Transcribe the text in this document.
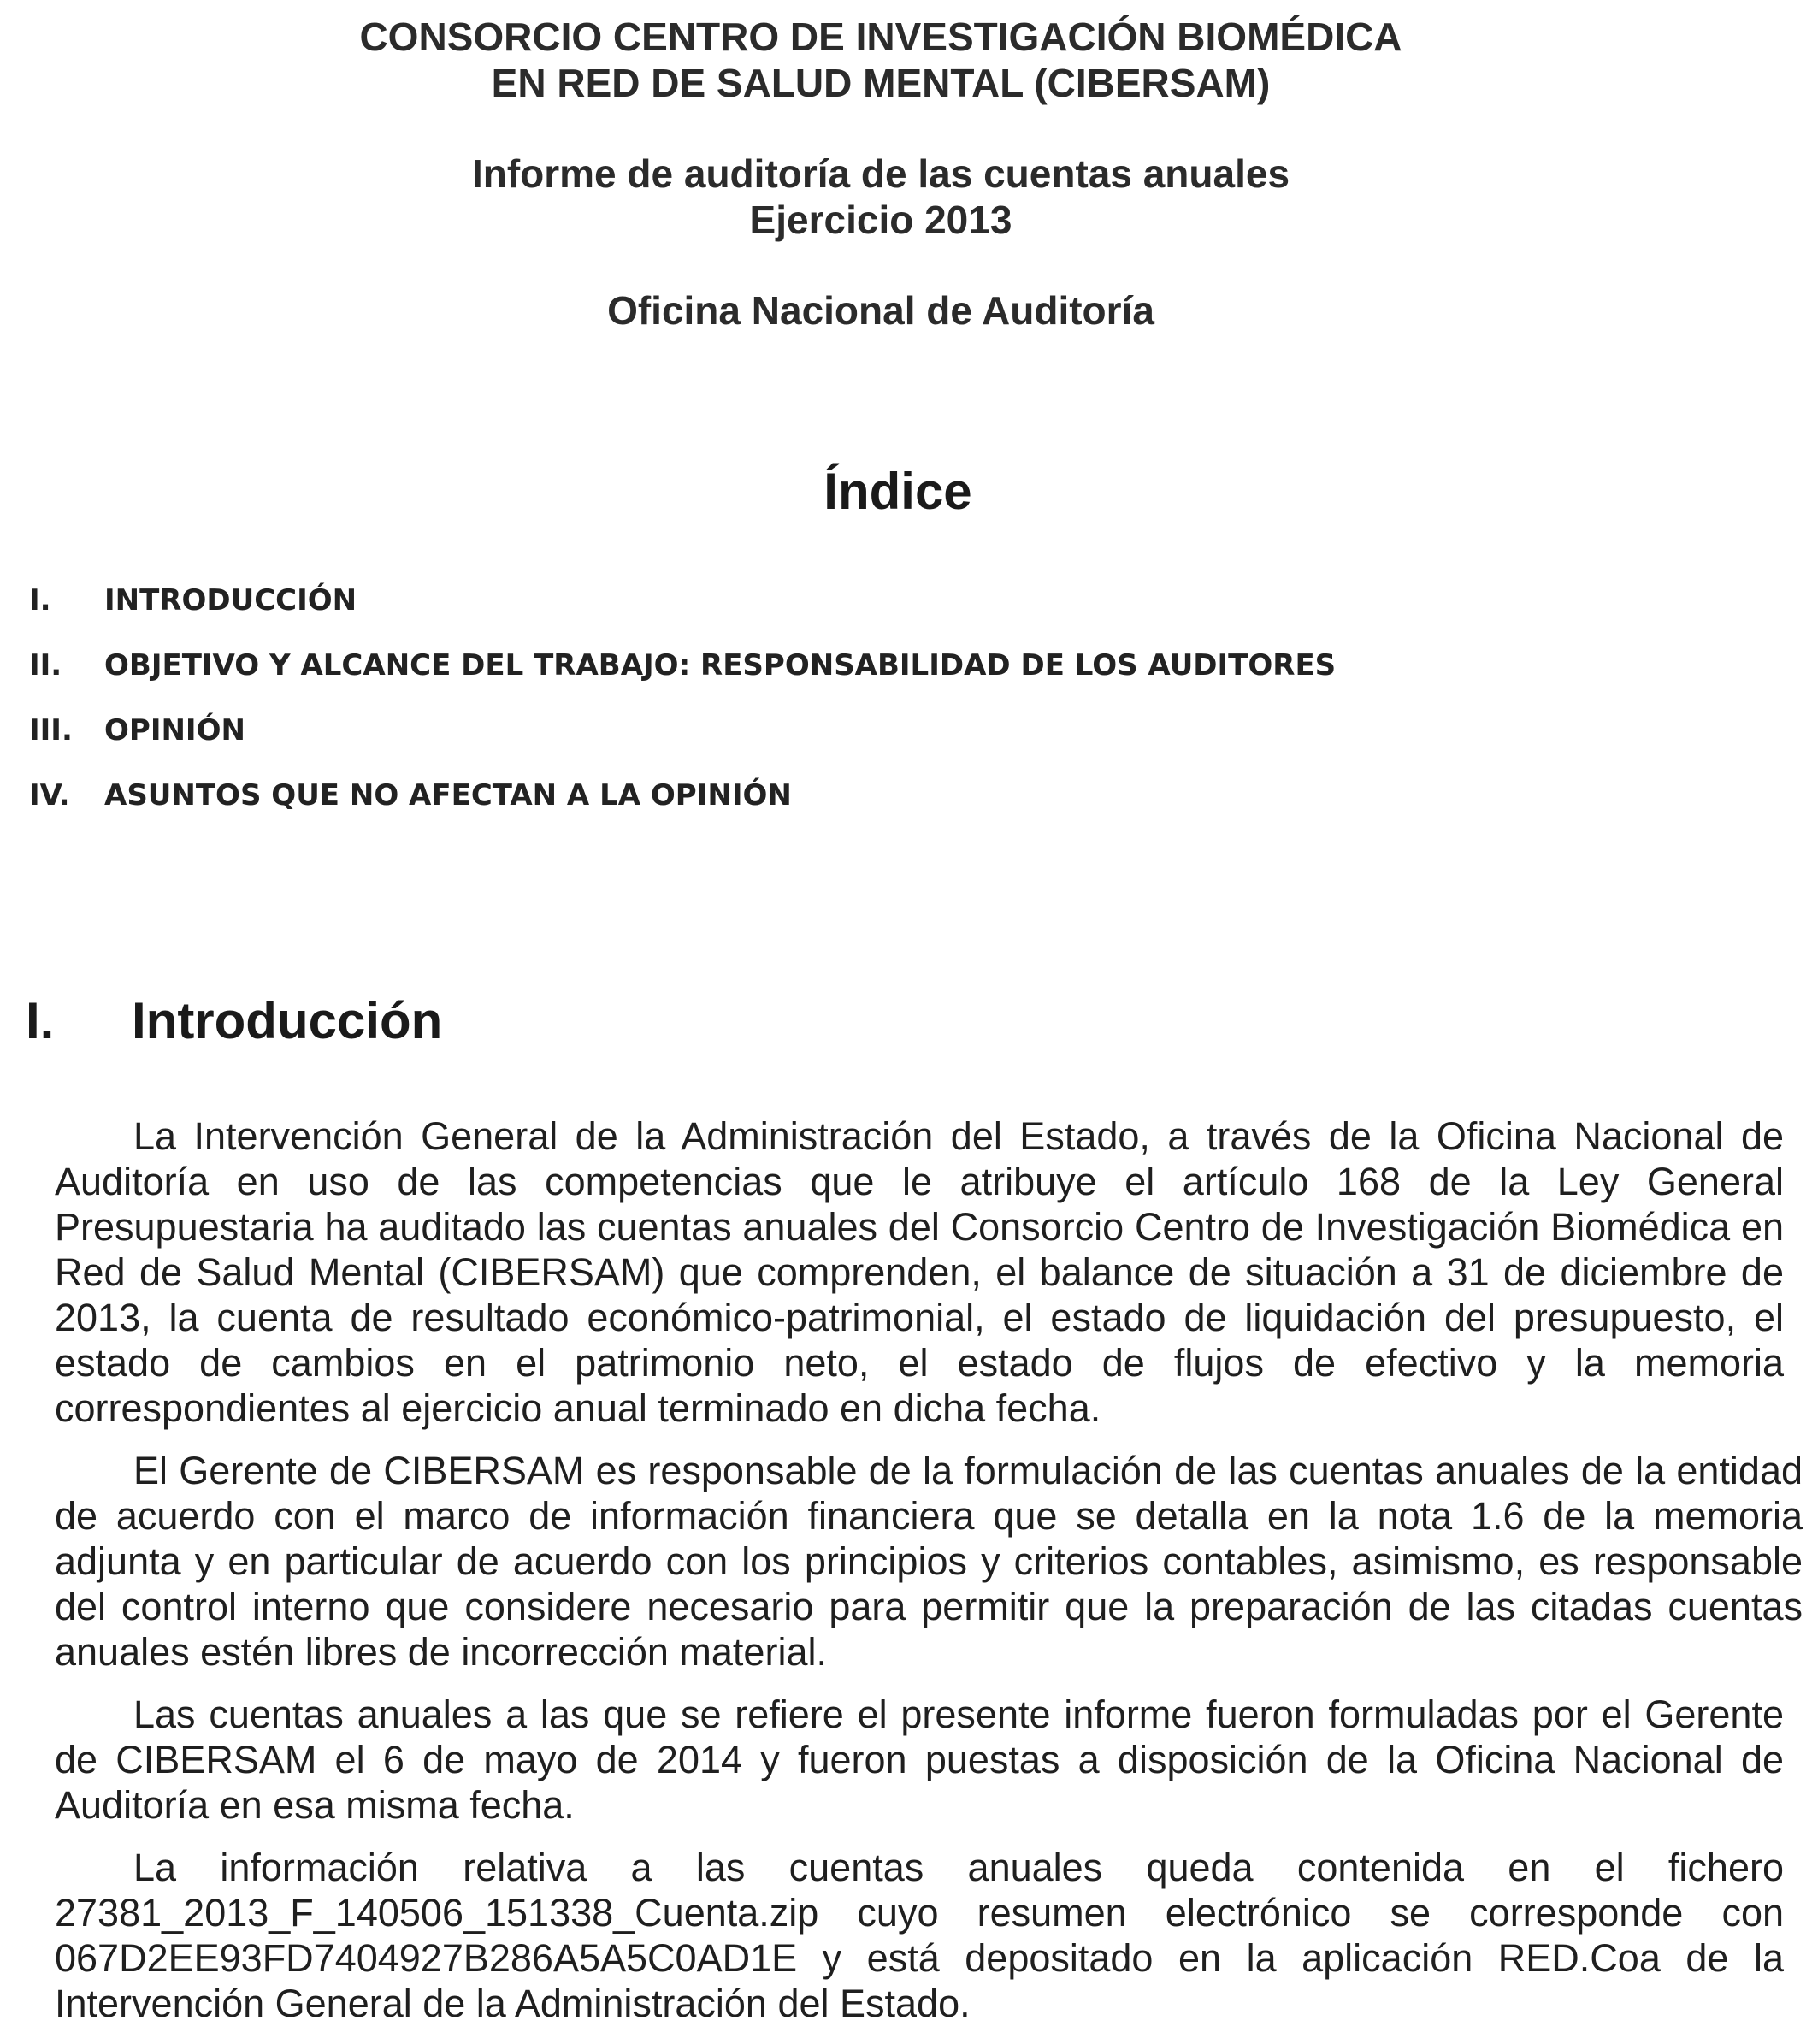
CONSORCIO CENTRO DE INVESTIGACIÓN BIOMÉDICA
EN RED DE SALUD MENTAL (CIBERSAM)
Informe de auditoría de las cuentas anuales
Ejercicio 2013
Oficina Nacional de Auditoría
Índice
I.	INTRODUCCIÓN
II.	OBJETIVO Y ALCANCE DEL TRABAJO: RESPONSABILIDAD DE LOS AUDITORES
III.	OPINIÓN
IV.	ASUNTOS QUE NO AFECTAN A LA OPINIÓN
I.	Introducción

La Intervención General de la Administración del Estado, a través de la Oficina Nacional de Auditoría en uso de las competencias que le atribuye el artículo 168 de la Ley General Presupuestaria ha auditado las cuentas anuales del Consorcio Centro de Investigación Biomédica en Red de Salud Mental (CIBERSAM) que comprenden, el balance de situación a 31 de diciembre de 2013, la cuenta de resultado económico-patrimonial, el estado de liquidación del presupuesto, el estado de cambios en el patrimonio neto, el estado de flujos de efectivo y la memoria correspondientes al ejercicio anual terminado en dicha fecha.

El Gerente de CIBERSAM es responsable de la formulación de las cuentas anuales de la entidad de acuerdo con el marco de información financiera que se detalla en la nota 1.6 de la memoria adjunta y en particular de acuerdo con los principios y criterios contables, asimismo, es responsable del control interno que considere necesario para permitir que la preparación de las citadas cuentas anuales estén libres de incorrección material.

Las cuentas anuales a las que se refiere el presente informe fueron formuladas por el Gerente de CIBERSAM el 6 de mayo de 2014 y fueron puestas a disposición de la Oficina Nacional de Auditoría en esa misma fecha.

La información relativa a las cuentas anuales queda contenida en el fichero 27381_2013_F_140506_151338_Cuenta.zip cuyo resumen electrónico se corresponde con 067D2EE93FD7404927B286A5A5C0AD1E y está depositado en la aplicación RED.Coa de la Intervención General de la Administración del Estado.
